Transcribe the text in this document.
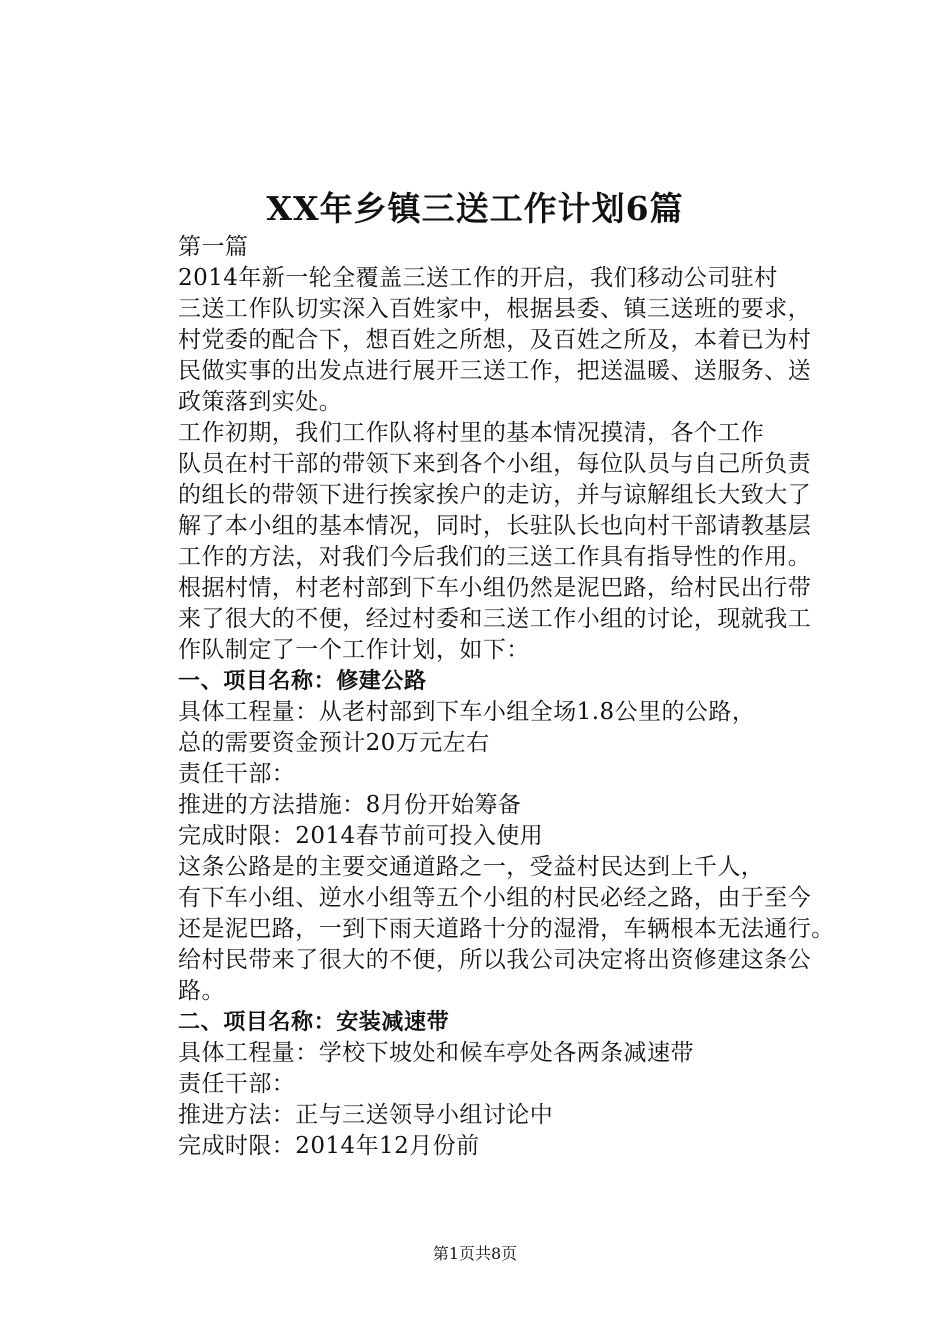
XX年乡镇三送工作计划6篇

第一篇

2014年新一轮全覆盖三送工作的开启，我们移动公司驻村
三送工作队切实深入百姓家中，根据县委、镇三送班的要求，
村党委的配合下，想百姓之所想，及百姓之所及，本着已为村
民做实事的出发点进行展开三送工作，把送温暖、送服务、送
政策落到实处。

工作初期，我们工作队将村里的基本情况摸清，各个工作
队员在村干部的带领下来到各个小组，每位队员与自己所负责
的组长的带领下进行挨家挨户的走访，并与谅解组长大致大了
解了本小组的基本情况，同时，长驻队长也向村干部请教基层
工作的方法，对我们今后我们的三送工作具有指导性的作用。
根据村情，村老村部到下车小组仍然是泥巴路，给村民出行带
来了很大的不便，经过村委和三送工作小组的讨论，现就我工
作队制定了一个工作计划，如下：

一、项目名称：修建公路

具体工程量：从老村部到下车小组全场1.8公里的公路，
总的需要资金预计20万元左右

责任干部：

推进的方法措施：8月份开始筹备

完成时限：2014春节前可投入使用

这条公路是的主要交通道路之一，受益村民达到上千人，
有下车小组、逆水小组等五个小组的村民必经之路，由于至今
还是泥巴路，一到下雨天道路十分的湿滑，车辆根本无法通行。
给村民带来了很大的不便，所以我公司决定将出资修建这条公
路。

二、项目名称：安装减速带

具体工程量：学校下坡处和候车亭处各两条减速带

责任干部：

推进方法：正与三送领导小组讨论中

完成时限：2014年12月份前

第1页共8页
